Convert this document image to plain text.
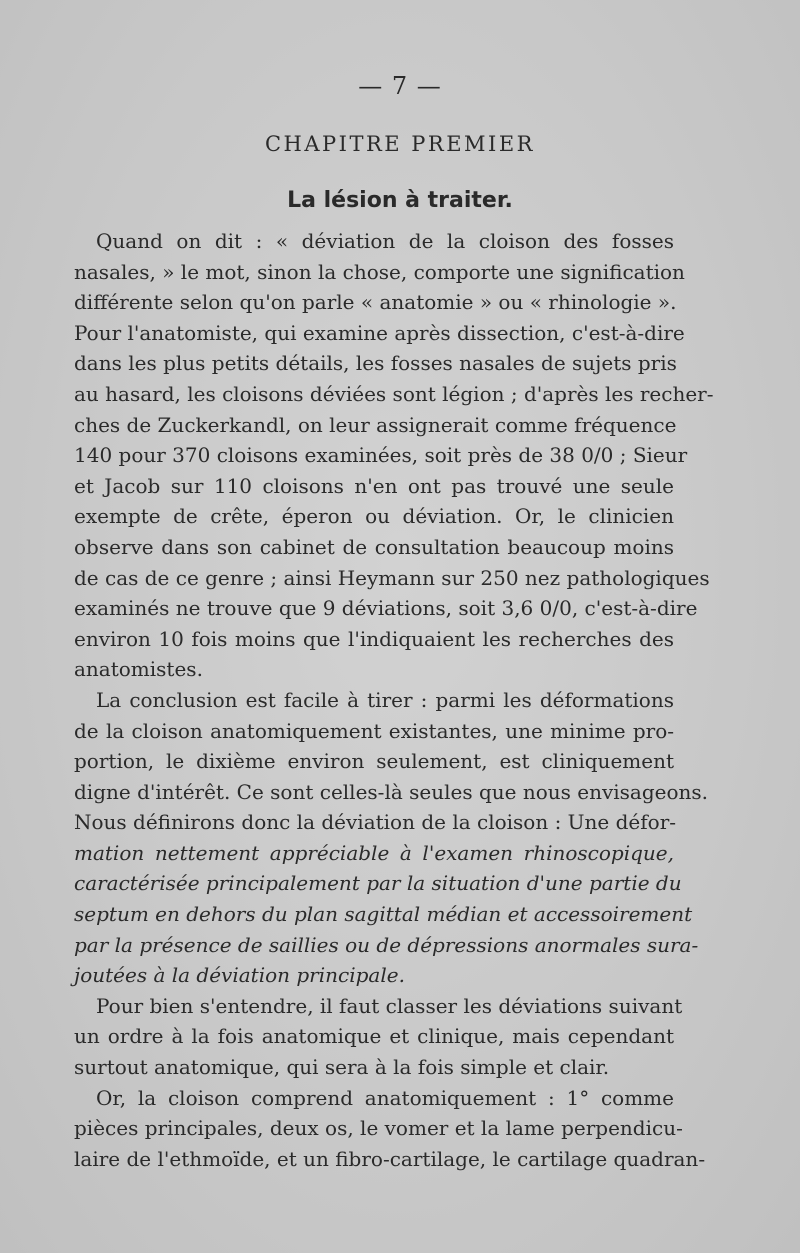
— 7 —
CHAPITRE PREMIER
La lésion à traiter.
Quand on dit : « déviation de la cloison des fosses
nasales, » le mot, sinon la chose, comporte une signification
différente selon qu'on parle « anatomie » ou « rhinologie ».
Pour l'anatomiste, qui examine après dissection, c'est-à-dire
dans les plus petits détails, les fosses nasales de sujets pris
au hasard, les cloisons déviées sont légion ; d'après les recher-
ches de Zuckerkandl, on leur assignerait comme fréquence
140 pour 370 cloisons examinées, soit près de 38 0/0 ; Sieur
et Jacob sur 110 cloisons n'en ont pas trouvé une seule
exempte de crête, éperon ou déviation. Or, le clinicien
observe dans son cabinet de consultation beaucoup moins
de cas de ce genre ; ainsi Heymann sur 250 nez pathologiques
examinés ne trouve que 9 déviations, soit 3,6 0/0, c'est-à-dire
environ 10 fois moins que l'indiquaient les recherches des
anatomistes.
La conclusion est facile à tirer : parmi les déformations
de la cloison anatomiquement existantes, une minime pro-
portion, le dixième environ seulement, est cliniquement
digne d'intérêt. Ce sont celles-là seules que nous envisageons.
Nous définirons donc la déviation de la cloison : Une défor-
mation nettement appréciable à l'examen rhinoscopique,
caractérisée principalement par la situation d'une partie du
septum en dehors du plan sagittal médian et accessoirement
par la présence de saillies ou de dépressions anormales sura-
joutées à la déviation principale.
Pour bien s'entendre, il faut classer les déviations suivant
un ordre à la fois anatomique et clinique, mais cependant
surtout anatomique, qui sera à la fois simple et clair.
Or, la cloison comprend anatomiquement : 1° comme
pièces principales, deux os, le vomer et la lame perpendicu-
laire de l'ethmoïde, et un fibro-cartilage, le cartilage quadran-
